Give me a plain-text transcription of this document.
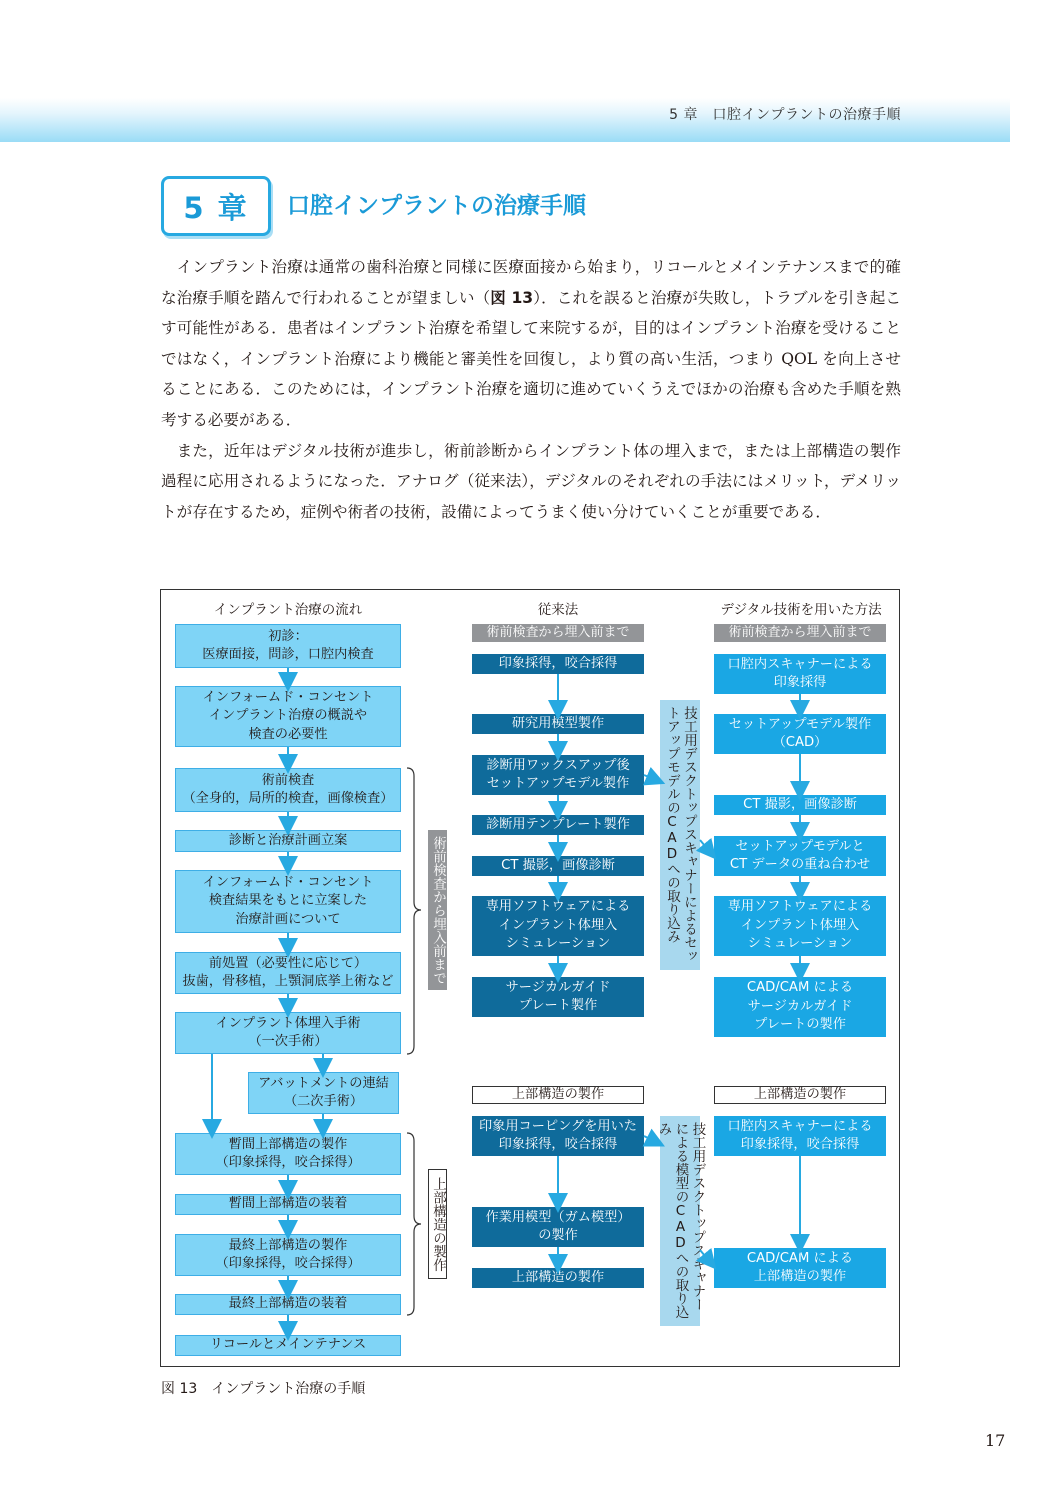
5 章　口腔インプラントの治療手順
5 章	口腔インプラントの治療手順

インプラント治療は通常の歯科治療と同様に医療面接から始まり，リコールとメインテナンスまで的確な治療手順を踏んで行われることが望ましい（図 13）．これを誤ると治療が失敗し，トラブルを引き起こす可能性がある．患者はインプラント治療を希望して来院するが，目的はインプラント治療を受けることではなく，インプラント治療により機能と審美性を回復し，より質の高い生活，つまり QOL を向上させることにある．このためには，インプラント治療を適切に進めていくうえでほかの治療も含めた手順を熟考する必要がある．

また，近年はデジタル技術が進歩し，術前診断からインプラント体の埋入まで，または上部構造の製作過程に応用されるようになった．アナログ（従来法），デジタルのそれぞれの手法にはメリット，デメリットが存在するため，症例や術者の技術，設備によってうまく使い分けていくことが重要である．

インプラント治療の流れ	従来法	デジタル技術を用いた方法
初診：
医療面接，問診，口腔内検査
インフォームド・コンセント
インプラント治療の概説や
検査の必要性
術前検査
（全身的，局所的検査，画像検査）
診断と治療計画立案
インフォームド・コンセント
検査結果をもとに立案した
治療計画について
前処置（必要性に応じて）
抜歯，骨移植，上顎洞底挙上術など
インプラント体埋入手術
（一次手術）
アバットメントの連結
（二次手術）
暫間上部構造の製作
（印象採得，咬合採得）
暫間上部構造の装着
最終上部構造の製作
（印象採得，咬合採得）
最終上部構造の装着
リコールとメインテナンス
術前検査から埋入前まで
上部構造の製作
術前検査から埋入前まで
印象採得，咬合採得
研究用模型製作
診断用ワックスアップ後
セットアップモデル製作
診断用テンプレート製作
CT 撮影，画像診断
専用ソフトウェアによる
インプラント体埋入
シミュレーション
サージカルガイド
プレート製作
上部構造の製作
印象用コーピングを用いた
印象採得，咬合採得
作業用模型（ガム模型）
の製作
上部構造の製作
技工用デスクトップスキャナーによるセットアップモデルのCADへの取り込み
技工用デスクトップスキャナーによる模型のCADへの取り込み
術前検査から埋入前まで
口腔内スキャナーによる
印象採得
セットアップモデル製作
（CAD）
CT 撮影，画像診断
セットアップモデルと
CT データの重ね合わせ
専用ソフトウェアによる
インプラント体埋入
シミュレーション
CAD/CAM による
サージカルガイド
プレートの製作
上部構造の製作
口腔内スキャナーによる
印象採得，咬合採得
CAD/CAM による
上部構造の製作
図 13　インプラント治療の手順
17
